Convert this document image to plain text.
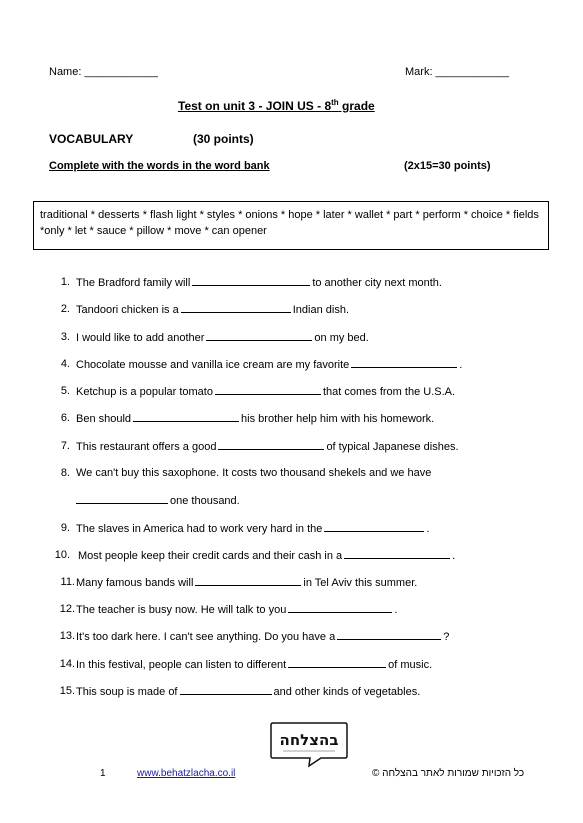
Name: ____________	Mark: ____________
Test on unit 3 - JOIN US - 8th grade
VOCABULARY	(30 points)
Complete with the words in the word bank	(2x15=30 points)
traditional * desserts * flash light * styles * onions * hope * later * wallet * part * perform * choice * fields *only * let * sauce * pillow * move * can opener
1. The Bradford family will	to another city next month.
2. Tandoori chicken is a	Indian dish.
3. I would like to add another	on my bed.
4. Chocolate mousse and vanilla ice cream are my favorite	.
5. Ketchup is a popular tomato	that comes from the U.S.A.
6. Ben should	his brother help him with his homework.
7. This restaurant offers a good	of typical Japanese dishes.
8. We can't buy this saxophone. It costs two thousand shekels and we have
one thousand.
9. The slaves in America had to work very hard in the	.
10. Most people keep their credit cards and their cash in a	.
11. Many famous bands will	in Tel Aviv this summer.
12. The teacher is busy now. He will talk to you	.
13. It's too dark here. I can't see anything. Do you have a	?
14. In this festival, people can listen to different	of music.
15. This soup is made of	and other kinds of vegetables.
בהצלחה
1	www.behatzlacha.co.il	כל הזכויות שמורות לאתר בהצלחה ©
